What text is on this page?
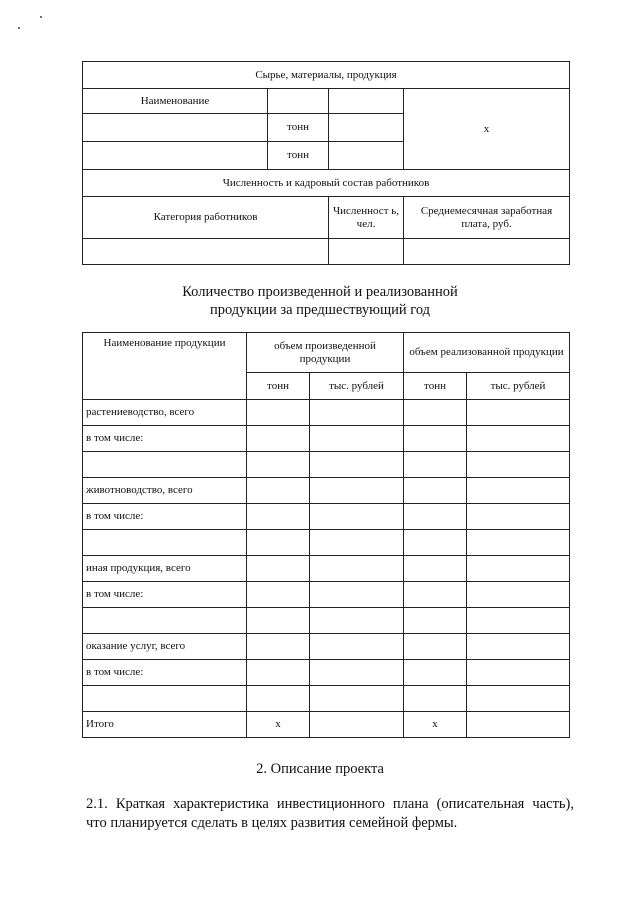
Сырье, материалы, продукция			
Наименование			х
	тонн		
	тонн		
Численность и кадровый состав работников			
Категория работников		Численност ь, чел.	Среднемесячная заработная плата, руб.

Количество произведенной и реализованной
продукции за предшествующий год
Наименование продукции	объем произведенной продукции		объем реализованной продукции	
	тонн	тыс. рублей	тонн	тыс. рублей
растениеводство, всего				
в том числе:				

животноводство, всего				
в том числе:				

иная продукция, всего				
в том числе:				

оказание услуг, всего				
в том числе:				

Итого	х		х	
2. Описание проекта
2.1. Краткая характеристика инвестиционного плана (описательная часть),
что планируется сделать в целях развития семейной фермы.
